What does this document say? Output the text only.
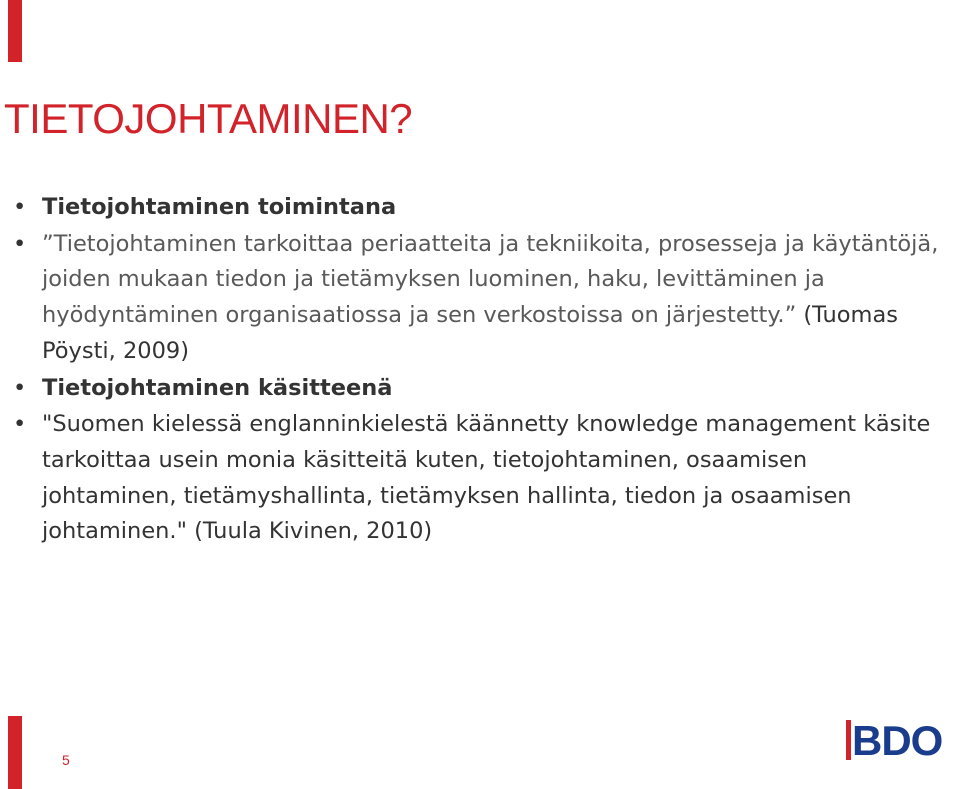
TIETOJOHTAMINEN?
• Tietojohtaminen toimintana
• ”Tietojohtaminen tarkoittaa periaatteita ja tekniikoita, prosesseja ja käytäntöjä, joiden mukaan tiedon ja tietämyksen luominen, haku, levittäminen ja hyödyntäminen organisaatiossa ja sen verkostoissa on järjestetty.” (Tuomas Pöysti, 2009)
• Tietojohtaminen käsitteenä
• "Suomen kielessä englanninkielestä käännetty knowledge management käsite tarkoittaa usein monia käsitteitä kuten, tietojohtaminen, osaamisen johtaminen, tietämyshallinta, tietämyksen hallinta, tiedon ja osaamisen johtaminen." (Tuula Kivinen, 2010)
5	BDO
